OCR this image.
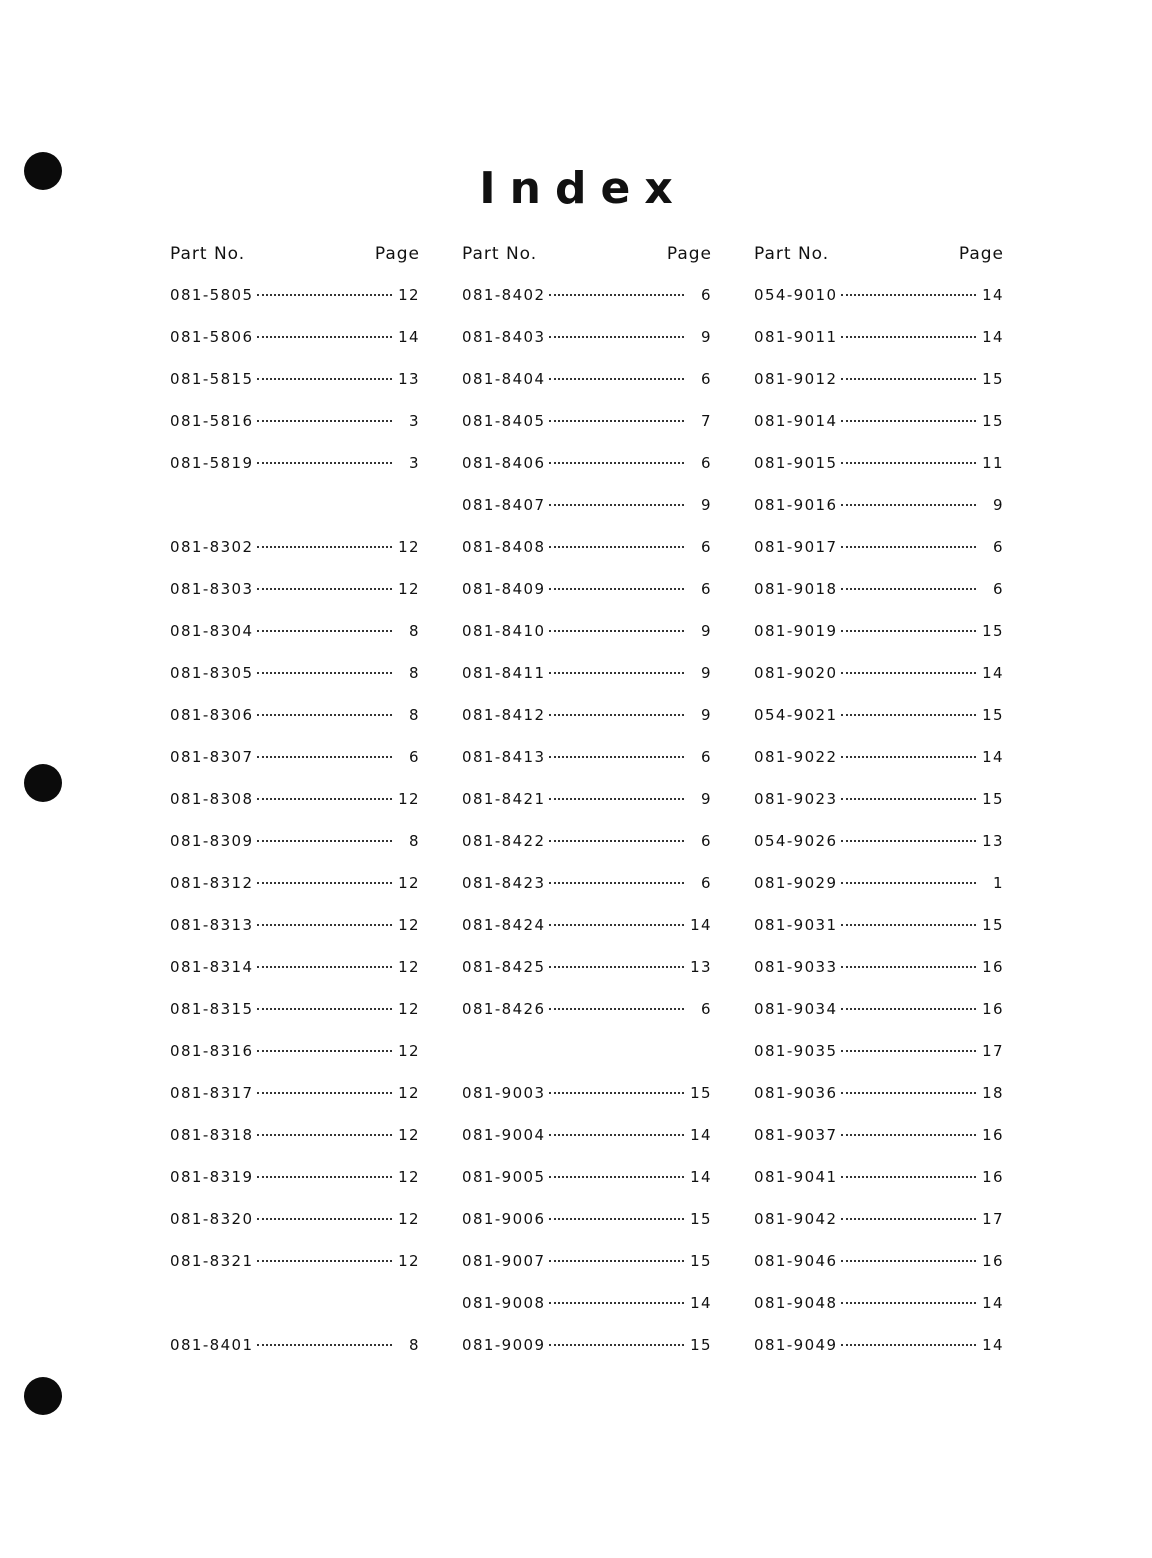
Index
Part No.	Page
081-5805	12
081-5806	14
081-5815	13
081-5816	3
081-5819	3
081-8302	12
081-8303	12
081-8304	8
081-8305	8
081-8306	8
081-8307	6
081-8308	12
081-8309	8
081-8312	12
081-8313	12
081-8314	12
081-8315	12
081-8316	12
081-8317	12
081-8318	12
081-8319	12
081-8320	12
081-8321	12
081-8401	8
Part No.	Page
081-8402	6
081-8403	9
081-8404	6
081-8405	7
081-8406	6
081-8407	9
081-8408	6
081-8409	6
081-8410	9
081-8411	9
081-8412	9
081-8413	6
081-8421	9
081-8422	6
081-8423	6
081-8424	14
081-8425	13
081-8426	6
081-9003	15
081-9004	14
081-9005	14
081-9006	15
081-9007	15
081-9008	14
081-9009	15
Part No.	Page
054-9010	14
081-9011	14
081-9012	15
081-9014	15
081-9015	11
081-9016	9
081-9017	6
081-9018	6
081-9019	15
081-9020	14
054-9021	15
081-9022	14
081-9023	15
054-9026	13
081-9029	1
081-9031	15
081-9033	16
081-9034	16
081-9035	17
081-9036	18
081-9037	16
081-9041	16
081-9042	17
081-9046	16
081-9048	14
081-9049	14
